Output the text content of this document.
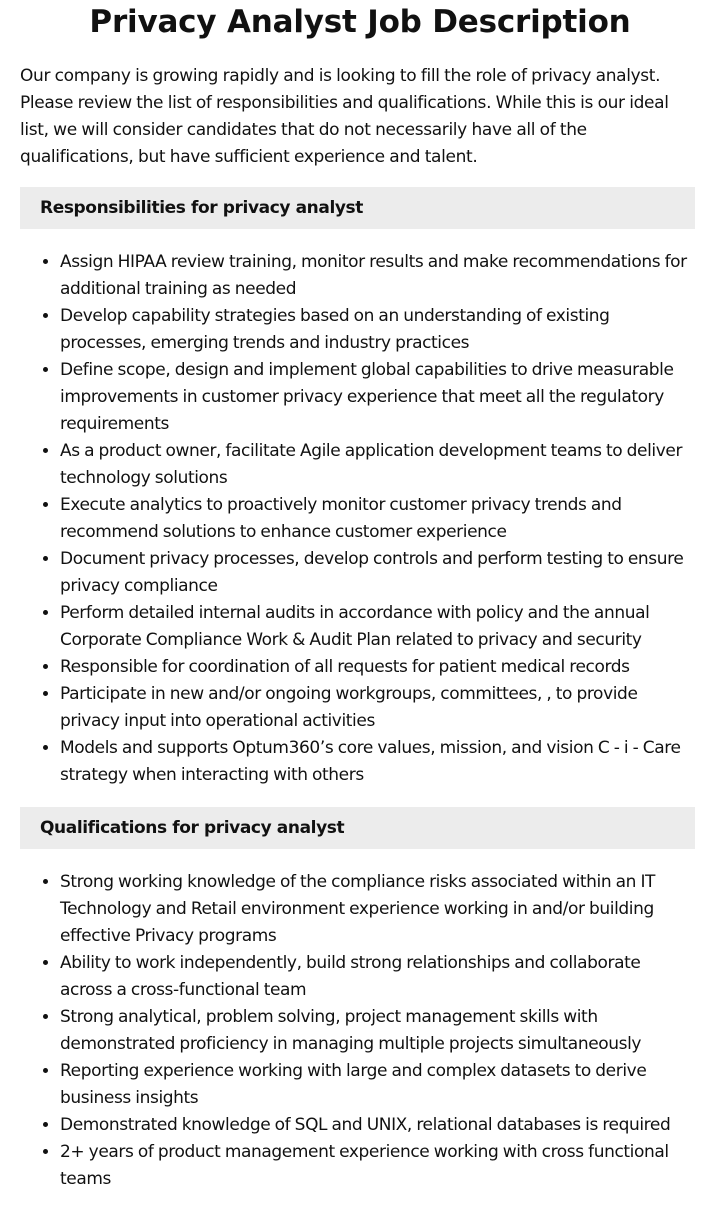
Privacy Analyst Job Description

Our company is growing rapidly and is looking to fill the role of privacy analyst. Please review the list of responsibilities and qualifications. While this is our ideal list, we will consider candidates that do not necessarily have all of the qualifications, but have sufficient experience and talent.

Responsibilities for privacy analyst
• Assign HIPAA review training, monitor results and make recommendations for additional training as needed
• Develop capability strategies based on an understanding of existing processes, emerging trends and industry practices
• Define scope, design and implement global capabilities to drive measurable improvements in customer privacy experience that meet all the regulatory requirements
• As a product owner, facilitate Agile application development teams to deliver technology solutions
• Execute analytics to proactively monitor customer privacy trends and recommend solutions to enhance customer experience
• Document privacy processes, develop controls and perform testing to ensure privacy compliance
• Perform detailed internal audits in accordance with policy and the annual Corporate Compliance Work & Audit Plan related to privacy and security
• Responsible for coordination of all requests for patient medical records
• Participate in new and/or ongoing workgroups, committees, , to provide privacy input into operational activities
• Models and supports Optum360’s core values, mission, and vision C - i - Care strategy when interacting with others
Qualifications for privacy analyst
• Strong working knowledge of the compliance risks associated within an IT Technology and Retail environment experience working in and/or building effective Privacy programs
• Ability to work independently, build strong relationships and collaborate across a cross-functional team
• Strong analytical, problem solving, project management skills with demonstrated proficiency in managing multiple projects simultaneously
• Reporting experience working with large and complex datasets to derive business insights
• Demonstrated knowledge of SQL and UNIX, relational databases is required
• 2+ years of product management experience working with cross functional teams
